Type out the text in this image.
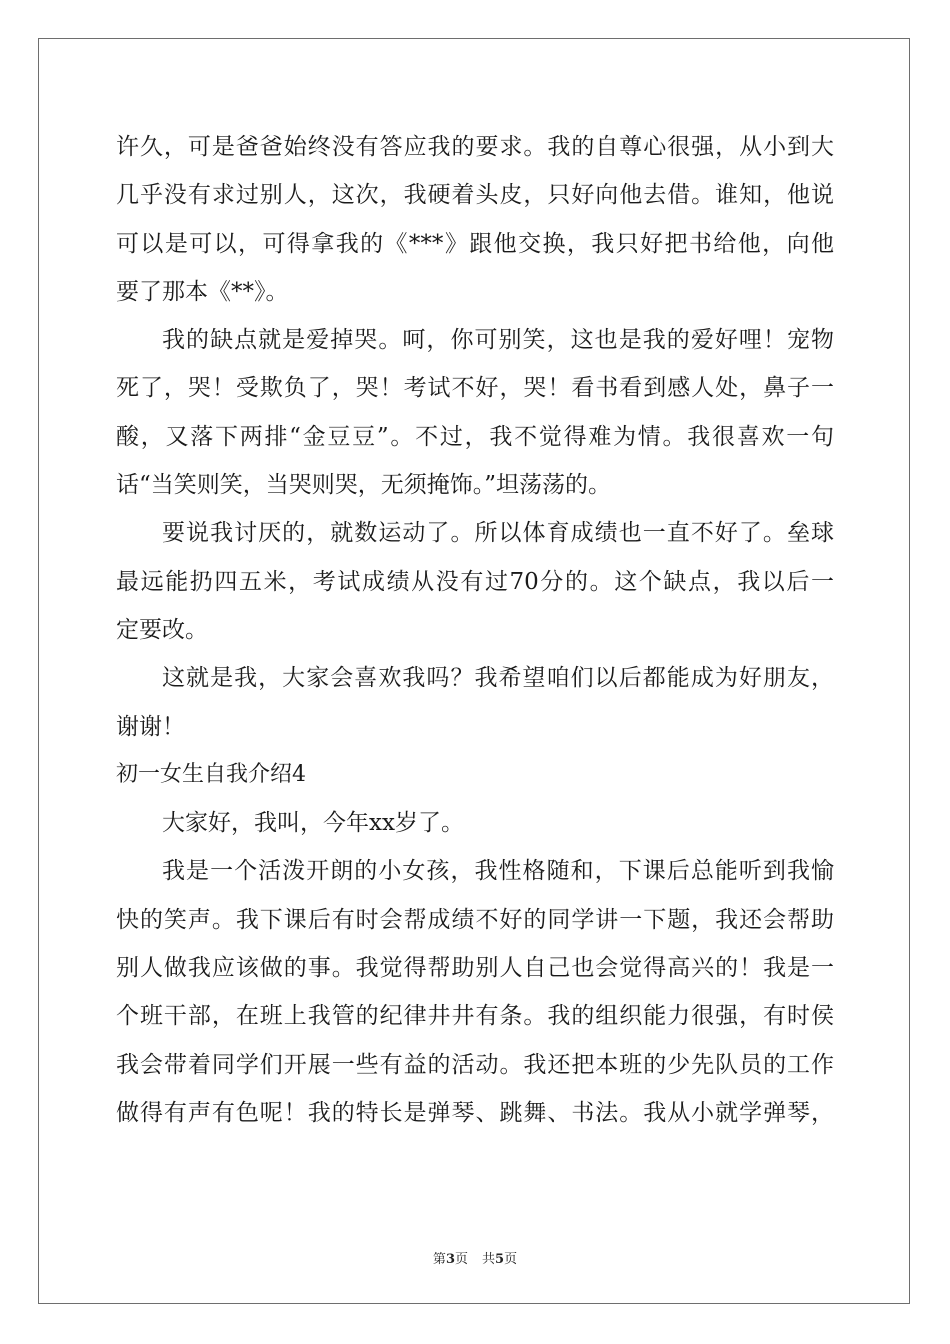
许久，可是爸爸始终没有答应我的要求。我的自尊心很强，从小到大
几乎没有求过别人，这次，我硬着头皮，只好向他去借。谁知，他说
可以是可以，可得拿我的《***》跟他交换，我只好把书给他，向他
要了那本《**》。
我的缺点就是爱掉哭。呵，你可别笑，这也是我的爱好哩！宠物
死了，哭！受欺负了，哭！考试不好，哭！看书看到感人处，鼻子一
酸，又落下两排“金豆豆”。不过，我不觉得难为情。我很喜欢一句
话“当笑则笑，当哭则哭，无须掩饰。”坦荡荡的。
要说我讨厌的，就数运动了。所以体育成绩也一直不好了。垒球
最远能扔四五米，考试成绩从没有过70分的。这个缺点，我以后一
定要改。
这就是我，大家会喜欢我吗？我希望咱们以后都能成为好朋友，
谢谢！
初一女生自我介绍4
大家好，我叫，今年xx岁了。
我是一个活泼开朗的小女孩，我性格随和，下课后总能听到我愉
快的笑声。我下课后有时会帮成绩不好的同学讲一下题，我还会帮助
别人做我应该做的事。我觉得帮助别人自己也会觉得高兴的！我是一
个班干部，在班上我管的纪律井井有条。我的组织能力很强，有时侯
我会带着同学们开展一些有益的活动。我还把本班的少先队员的工作
做得有声有色呢！我的特长是弹琴、跳舞、书法。我从小就学弹琴，
第3页 共5页
